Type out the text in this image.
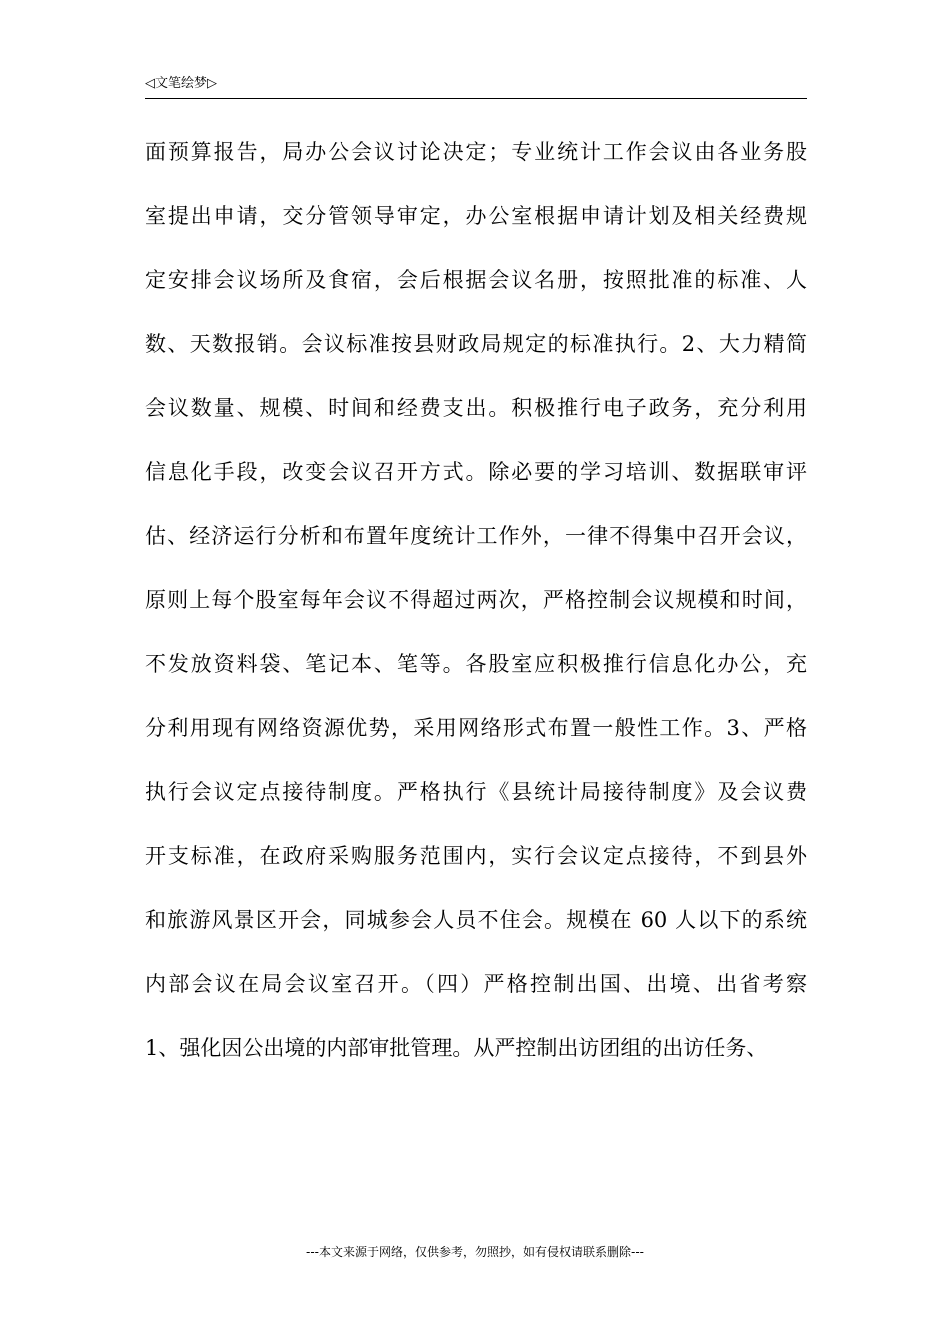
◁文笔绘梦▷
面预算报告，局办公会议讨论决定；专业统计工作会议由各业务股
室提出申请，交分管领导审定，办公室根据申请计划及相关经费规
定安排会议场所及食宿，会后根据会议名册，按照批准的标准、人
数、天数报销。会议标准按县财政局规定的标准执行。2、大力精简
会议数量、规模、时间和经费支出。积极推行电子政务，充分利用
信息化手段，改变会议召开方式。除必要的学习培训、数据联审评
估、经济运行分析和布置年度统计工作外，一律不得集中召开会议，
原则上每个股室每年会议不得超过两次，严格控制会议规模和时间，
不发放资料袋、笔记本、笔等。各股室应积极推行信息化办公，充
分利用现有网络资源优势，采用网络形式布置一般性工作。3、严格
执行会议定点接待制度。严格执行《县统计局接待制度》及会议费
开支标准，在政府采购服务范围内，实行会议定点接待，不到县外
和旅游风景区开会，同城参会人员不住会。规模在 60 人以下的系统
内部会议在局会议室召开。（四）严格控制出国、出境、出省考察
1、强化因公出境的内部审批管理。从严控制出访团组的出访任务、
---本文来源于网络，仅供参考，勿照抄，如有侵权请联系删除---
